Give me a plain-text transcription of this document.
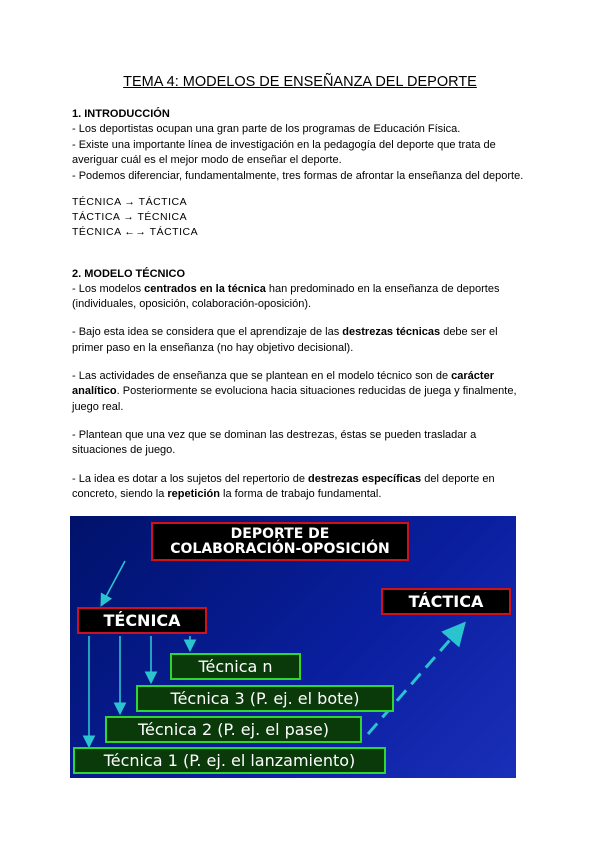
TEMA 4: MODELOS DE ENSEÑANZA DEL DEPORTE
1. INTRODUCCIÓN
- Los deportistas ocupan una gran parte de los programas de Educación Física.
- Existe una importante línea de investigación en la pedagogía del deporte que trata de
averiguar cuál es el mejor modo de enseñar el deporte.
- Podemos diferenciar, fundamentalmente, tres formas de afrontar la enseñanza del deporte.
TÉCNICA → TÁCTICA
TÁCTICA → TÉCNICA
TÉCNICA ←→ TÁCTICA
2. MODELO TÉCNICO
- Los modelos centrados en la técnica han predominado en la enseñanza de deportes
(individuales, oposición, colaboración-oposición).
- Bajo esta idea se considera que el aprendizaje de las destrezas técnicas debe ser el
primer paso en la enseñanza (no hay objetivo decisional).
- Las actividades de enseñanza que se plantean en el modelo técnico son de carácter
analítico. Posteriormente se evoluciona hacia situaciones reducidas de juega y finalmente,
juego real.
- Plantean que una vez que se dominan las destrezas, éstas se pueden trasladar a
situaciones de juego.
- La idea es dotar a los sujetos del repertorio de destrezas específicas del deporte en
concreto, siendo la repetición la forma de trabajo fundamental.
DEPORTE DE
COLABORACIÓN-OPOSICIÓN
TÁCTICA
TÉCNICA
Técnica n
Técnica 3 (P. ej. el bote)
Técnica 2 (P. ej. el pase)
Técnica 1 (P. ej. el lanzamiento)
